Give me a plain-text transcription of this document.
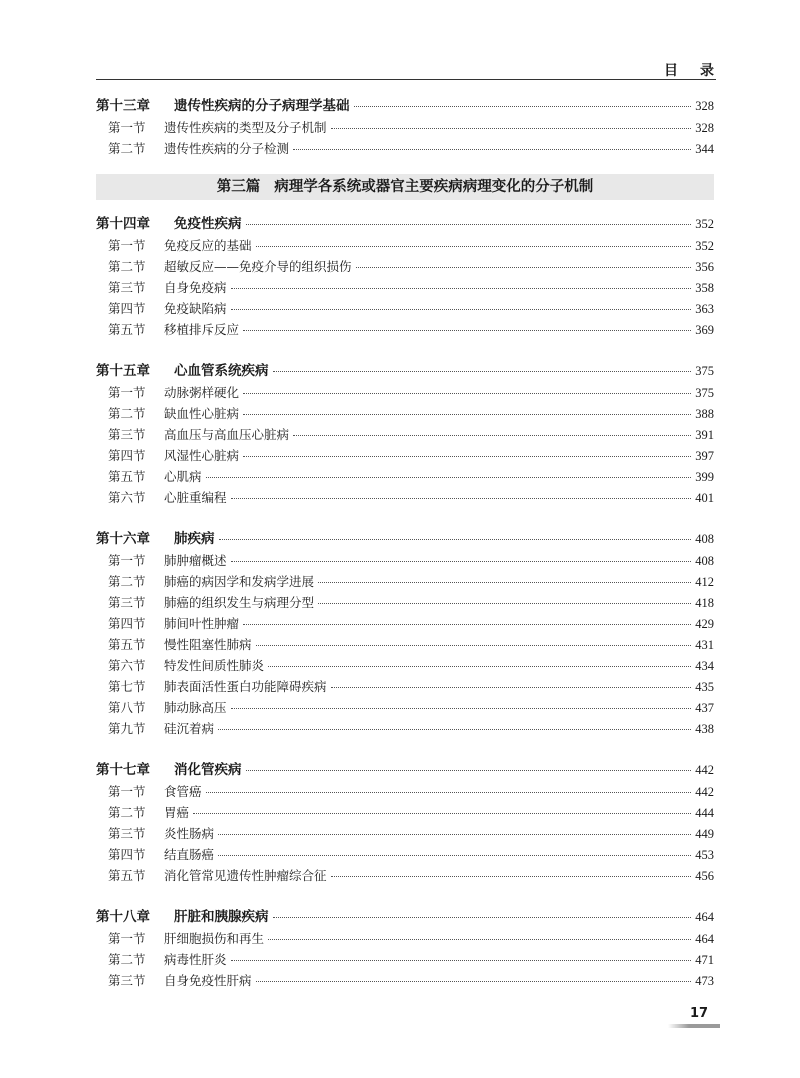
目录
第十三章 遗传性疾病的分子病理学基础	328
第一节 遗传性疾病的类型及分子机制	328
第二节 遗传性疾病的分子检测	344
第三篇 病理学各系统或器官主要疾病病理变化的分子机制
第十四章 免疫性疾病	352
第一节 免疫反应的基础	352
第二节 超敏反应——免疫介导的组织损伤	356
第三节 自身免疫病	358
第四节 免疫缺陷病	363
第五节 移植排斥反应	369
第十五章 心血管系统疾病	375
第一节 动脉粥样硬化	375
第二节 缺血性心脏病	388
第三节 高血压与高血压心脏病	391
第四节 风湿性心脏病	397
第五节 心肌病	399
第六节 心脏重编程	401
第十六章 肺疾病	408
第一节 肺肿瘤概述	408
第二节 肺癌的病因学和发病学进展	412
第三节 肺癌的组织发生与病理分型	418
第四节 肺间叶性肿瘤	429
第五节 慢性阻塞性肺病	431
第六节 特发性间质性肺炎	434
第七节 肺表面活性蛋白功能障碍疾病	435
第八节 肺动脉高压	437
第九节 硅沉着病	438
第十七章 消化管疾病	442
第一节 食管癌	442
第二节 胃癌	444
第三节 炎性肠病	449
第四节 结直肠癌	453
第五节 消化管常见遗传性肿瘤综合征	456
第十八章 肝脏和胰腺疾病	464
第一节 肝细胞损伤和再生	464
第二节 病毒性肝炎	471
第三节 自身免疫性肝病	473
17
